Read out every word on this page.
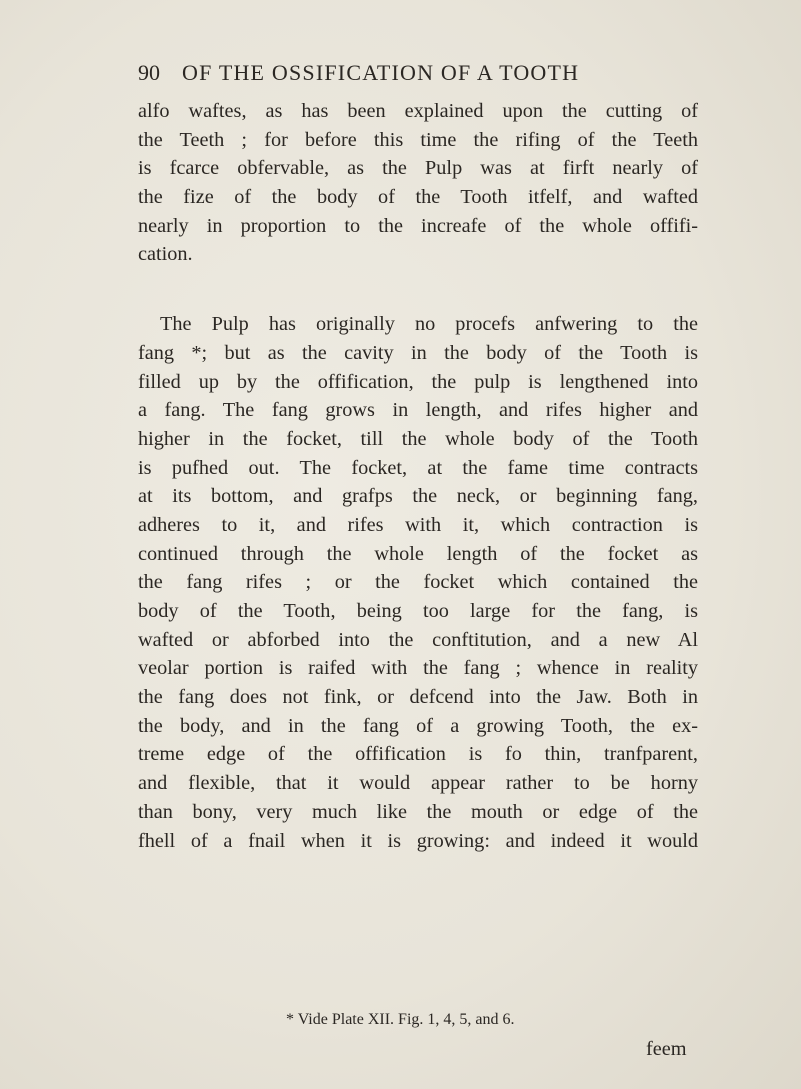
90 OF THE OSSIFICATION OF A TOOTH
alfo waftes, as has been explained upon the cutting of
the Teeth ; for before this time the rifing of the Teeth
is fcarce obfervable, as the Pulp was at firft nearly of
the fize of the body of the Tooth itfelf, and wafted
nearly in proportion to the increafe of the whole offifi-
cation.
The Pulp has originally no procefs anfwering to the
fang *; but as the cavity in the body of the Tooth is
filled up by the offification, the pulp is lengthened into
a fang. The fang grows in length, and rifes higher and
higher in the focket, till the whole body of the Tooth
is pufhed out. The focket, at the fame time contracts
at its bottom, and grafps the neck, or beginning fang,
adheres to it, and rifes with it, which contraction is
continued through the whole length of the focket as
the fang rifes ; or the focket which contained the
body of the Tooth, being too large for the fang, is
wafted or abforbed into the conftitution, and a new Al
veolar portion is raifed with the fang ; whence in reality
the fang does not fink, or defcend into the Jaw. Both in
the body, and in the fang of a growing Tooth, the ex-
treme edge of the offification is fo thin, tranfparent,
and flexible, that it would appear rather to be horny
than bony, very much like the mouth or edge of the
fhell of a fnail when it is growing: and indeed it would
* Vide Plate XII. Fig. 1, 4, 5, and 6.
feem
